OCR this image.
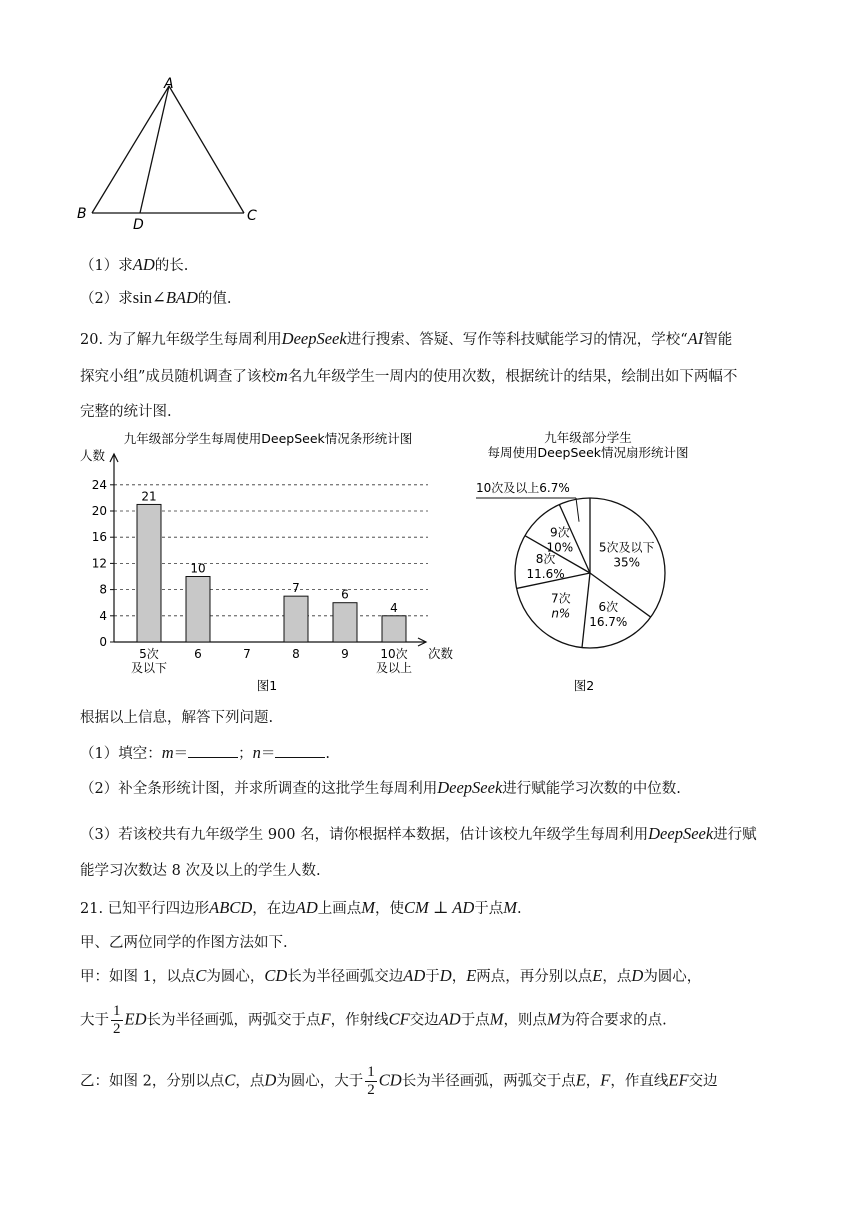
A
B	C
D
（1）求AD的长.
（2）求sin∠BAD的值.
20. 为了解九年级学生每周利用DeepSeek进行搜索、答疑、写作等科技赋能学习的情况，学校“AI智能
探究小组”成员随机调查了该校m名九年级学生一周内的使用次数，根据统计的结果，绘制出如下两幅不
完整的统计图.
九年级部分学生每周使用DeepSeek情况条形统计图
人数
0
4
8
12
16
20
24
21
5次
及以下
10
6	7
7
8
6
9
4
10次
及以上
次数
图1
九年级部分学生
每周使用DeepSeek情况扇形统计图
5次及以下
35%
6次
16.7%
7次
n%
8次
11.6%
9次
10%
10次及以上6.7%
图2
根据以上信息，解答下列问题.
（1）填空：m＝	；n＝	.
（2）补全条形统计图，并求所调查的这批学生每周利用DeepSeek进行赋能学习次数的中位数.
（3）若该校共有九年级学生 900 名，请你根据样本数据，估计该校九年级学生每周利用DeepSeek进行赋
能学习次数达 8 次及以上的学生人数.
21. 已知平行四边形ABCD，在边AD上画点M，使CM ⊥ AD于点M.
甲、乙两位同学的作图方法如下.
甲：如图 1，以点C为圆心，CD长为半径画弧交边AD于D，E两点，再分别以点E，点D为圆心，
大于 $\frac{1}{2}$ ED长为半径画弧，两弧交于点F，作射线CF交边AD于点M，则点M为符合要求的点.
乙：如图 2，分别以点C，点D为圆心，大于 $\frac{1}{2}$ CD长为半径画弧，两弧交于点E，F，作直线EF交边
